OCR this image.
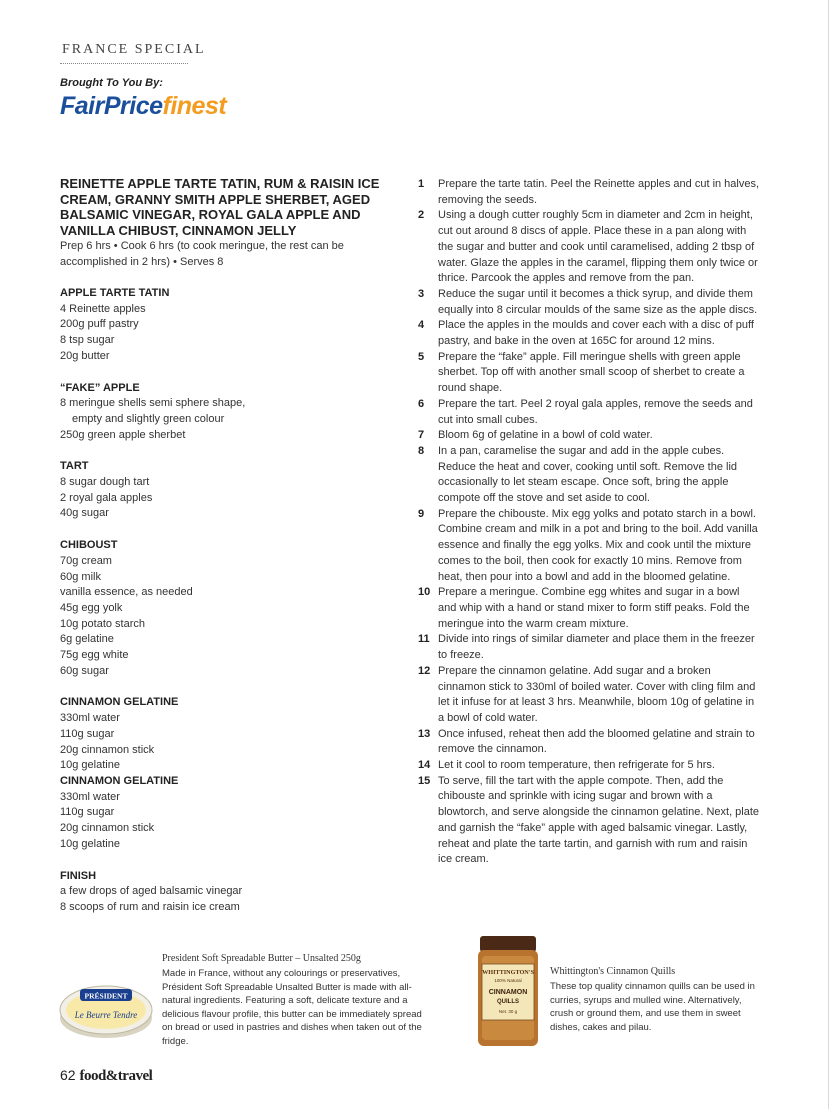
FRANCE SPECIAL
Brought To You By:
FairPricefinest
REINETTE APPLE TARTE TATIN, RUM & RAISIN ICE CREAM, GRANNY SMITH APPLE SHERBET, AGED BALSAMIC VINEGAR, ROYAL GALA APPLE AND VANILLA CHIBUST, CINNAMON JELLY
Prep 6 hrs • Cook 6 hrs (to cook meringue, the rest can be accomplished in 2 hrs) • Serves 8
APPLE TARTE TATIN
4 Reinette apples
200g puff pastry
8 tsp sugar
20g butter
“FAKE” APPLE
8 meringue shells semi sphere shape,
empty and slightly green colour
250g green apple sherbet
TART
8 sugar dough tart
2 royal gala apples
40g sugar
CHIBOUST
70g cream
60g milk
vanilla essence, as needed
45g egg yolk
10g potato starch
6g gelatine
75g egg white
60g sugar
CINNAMON GELATINE
330ml water
110g sugar
20g cinnamon stick
10g gelatine
CINNAMON GELATINE
330ml water
110g sugar
20g cinnamon stick
10g gelatine
FINISH
a few drops of aged balsamic vinegar
8 scoops of rum and raisin ice cream
1	Prepare the tarte tatin. Peel the Reinette apples and cut in halves, removing the seeds.
2	Using a dough cutter roughly 5cm in diameter and 2cm in height, cut out around 8 discs of apple. Place these in a pan along with the sugar and butter and cook until caramelised, adding 2 tbsp of water. Glaze the apples in the caramel, flipping them only twice or thrice. Parcook the apples and remove from the pan.
3	Reduce the sugar until it becomes a thick syrup, and divide them equally into 8 circular moulds of the same size as the apple discs.
4	Place the apples in the moulds and cover each with a disc of puff pastry, and bake in the oven at 165C for around 12 mins.
5	Prepare the “fake” apple. Fill meringue shells with green apple sherbet. Top off with another small scoop of sherbet to create a round shape.
6	Prepare the tart. Peel 2 royal gala apples, remove the seeds and cut into small cubes.
7	Bloom 6g of gelatine in a bowl of cold water.
8	In a pan, caramelise the sugar and add in the apple cubes. Reduce the heat and cover, cooking until soft. Remove the lid occasionally to let steam escape. Once soft, bring the apple compote off the stove and set aside to cool.
9	Prepare the chibouste. Mix egg yolks and potato starch in a bowl. Combine cream and milk in a pot and bring to the boil. Add vanilla essence and finally the egg yolks. Mix and cook until the mixture comes to the boil, then cook for exactly 10 mins. Remove from heat, then pour into a bowl and add in the bloomed gelatine.
10 Prepare a meringue. Combine egg whites and sugar in a bowl and whip with a hand or stand mixer to form stiff peaks. Fold the meringue into the warm cream mixture.
11 Divide into rings of similar diameter and place them in the freezer to freeze.
12 Prepare the cinnamon gelatine. Add sugar and a broken cinnamon stick to 330ml of boiled water. Cover with cling film and let it infuse for at least 3 hrs. Meanwhile, bloom 10g of gelatine in a bowl of cold water.
13 Once infused, reheat then add the bloomed gelatine and strain to remove the cinnamon.
14 Let it cool to room temperature, then refrigerate for 5 hrs.
15 To serve, fill the tart with the apple compote. Then, add the chibouste and sprinkle with icing sugar and brown with a blowtorch, and serve alongside the cinnamon gelatine. Next, plate and garnish the “fake” apple with aged balsamic vinegar. Lastly, reheat and plate the tarte tartin, and garnish with rum and raisin ice cream.
PRÉSIDENT
Le Beurre Tendre
President Soft Spreadable Butter – Unsalted 250g
Made in France, without any colourings or preservatives, Président Soft Spreadable Unsalted Butter is made with all-natural ingredients. Featuring a soft, delicate texture and a delicious flavour profile, this butter can be immediately spread on bread or used in pastries and dishes when taken out of the fridge.
WHITTINGTON'S
100% Natural
CINNAMON
QUILLS
Net. 30 g
Whittington's Cinnamon Quills
These top quality cinnamon quills can be used in curries, syrups and mulled wine. Alternatively, crush or ground them, and use them in sweet dishes, cakes and pilau.
62 food&travel
